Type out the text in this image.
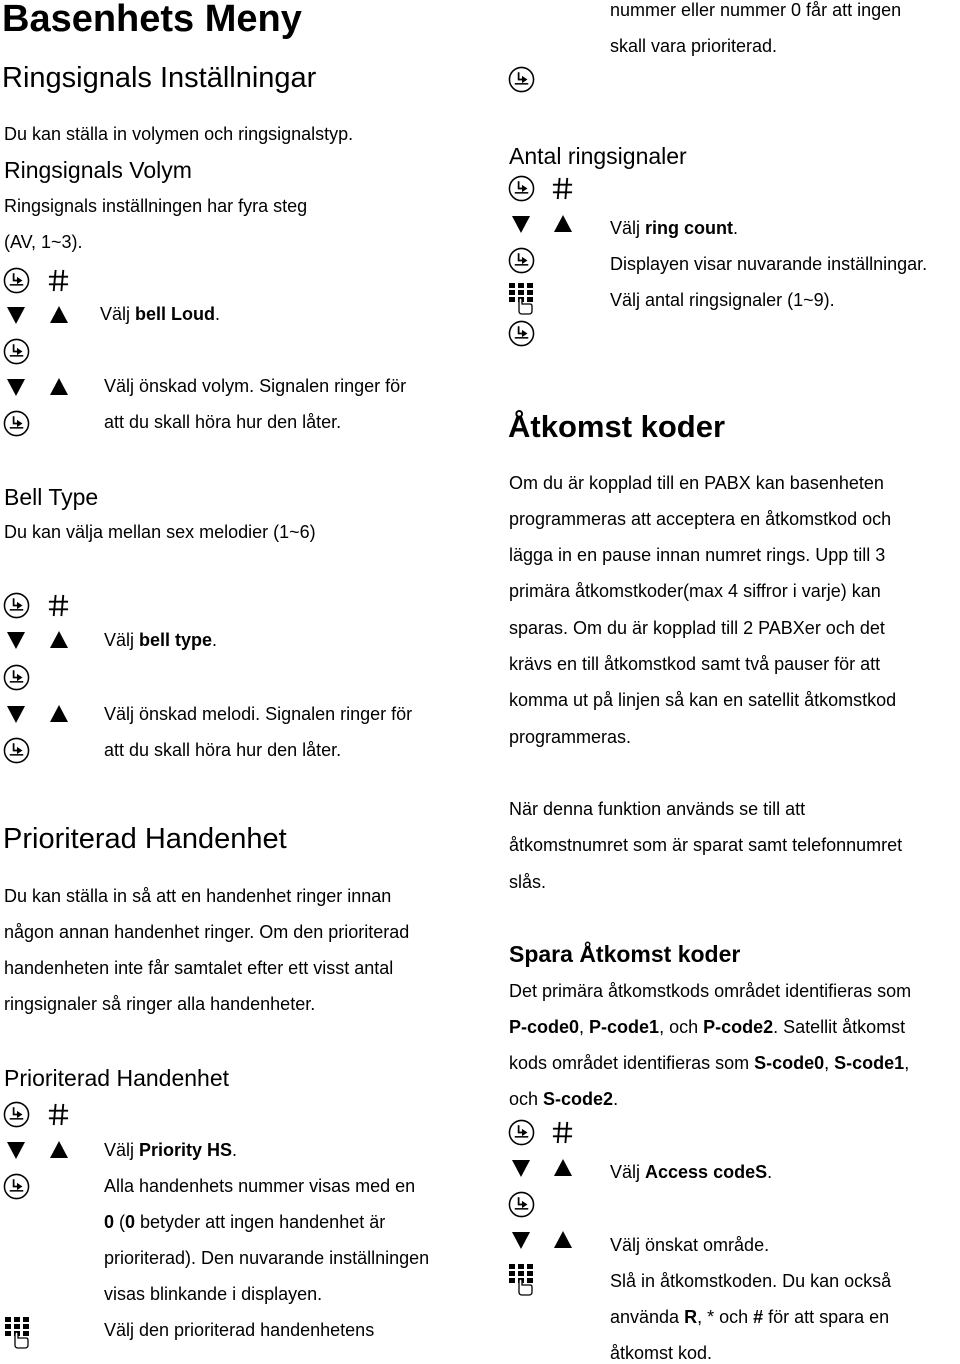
Basenhets Meny
Ringsignals Inställningar
Du kan ställa in volymen och ringsignalstyp.
Ringsignals Volym
Ringsignals inställningen har fyra steg
(AV, 1~3).
Välj bell Loud.
Välj önskad volym. Signalen ringer för
att du skall höra hur den låter.
Bell Type
Du kan välja mellan sex melodier (1~6)
Välj bell type.
Välj önskad melodi. Signalen ringer för
att du skall höra hur den låter.
Prioriterad Handenhet
Du kan ställa in så att en handenhet ringer innan
någon annan handenhet ringer. Om den prioriterad
handenheten inte får samtalet efter ett visst antal
ringsignaler så ringer alla handenheter.
Prioriterad Handenhet
Välj Priority HS.
Alla handenhets nummer visas med en
0 (0 betyder att ingen handenhet är
prioriterad). Den nuvarande inställningen
visas blinkande i displayen.
Välj den prioriterad handenhetens
nummer eller nummer 0 får att ingen
skall vara prioriterad.
Antal ringsignaler
Välj ring count.
Displayen visar nuvarande inställningar.
Välj antal ringsignaler (1~9).
Åtkomst koder
Om du är kopplad till en PABX kan basenheten
programmeras att acceptera en åtkomstkod och
lägga in en pause innan numret rings. Upp till 3
primära åtkomstkoder(max 4 siffror i varje) kan
sparas. Om du är kopplad till 2 PABXer och det
krävs en till åtkomstkod samt två pauser för att
komma ut på linjen så kan en satellit åtkomstkod
programmeras.
När denna funktion används se till att
åtkomstnumret som är sparat samt telefonnumret
slås.
Spara Åtkomst koder
Det primära åtkomstkods området identifieras som
P-code0, P-code1, och P-code2. Satellit åtkomst
kods området identifieras som S-code0, S-code1,
och S-code2.
Välj Access codeS.
Välj önskat område.
Slå in åtkomstkoden. Du kan också
använda R, * och # för att spara en
åtkomst kod.
